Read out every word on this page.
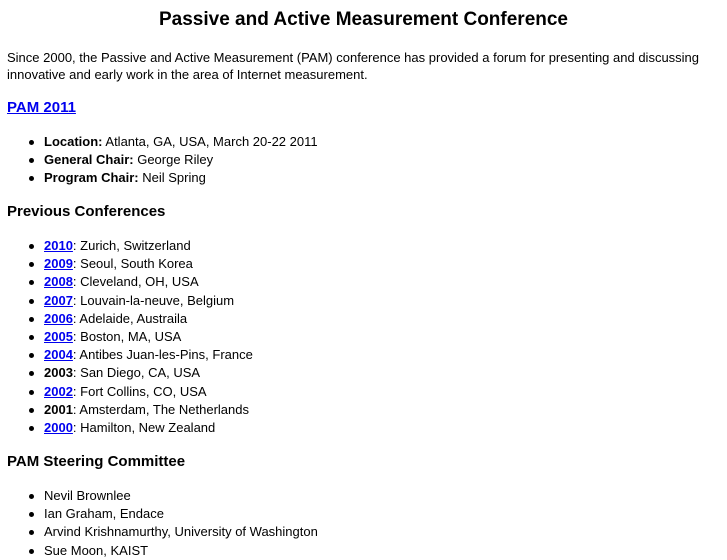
Passive and Active Measurement Conference

Since 2000, the Passive and Active Measurement (PAM) conference has provided a forum for presenting and discussing innovative and early work in the area of Internet measurement.

PAM 2011
Location: Atlanta, GA, USA, March 20-22 2011
General Chair: George Riley
Program Chair: Neil Spring
Previous Conferences
2010: Zurich, Switzerland
2009: Seoul, South Korea
2008: Cleveland, OH, USA
2007: Louvain-la-neuve, Belgium
2006: Adelaide, Austraila
2005: Boston, MA, USA
2004: Antibes Juan-les-Pins, France
2003: San Diego, CA, USA
2002: Fort Collins, CO, USA
2001: Amsterdam, The Netherlands
2000: Hamilton, New Zealand
PAM Steering Committee
Nevil Brownlee
Ian Graham, Endace
Arvind Krishnamurthy, University of Washington
Sue Moon, KAIST
